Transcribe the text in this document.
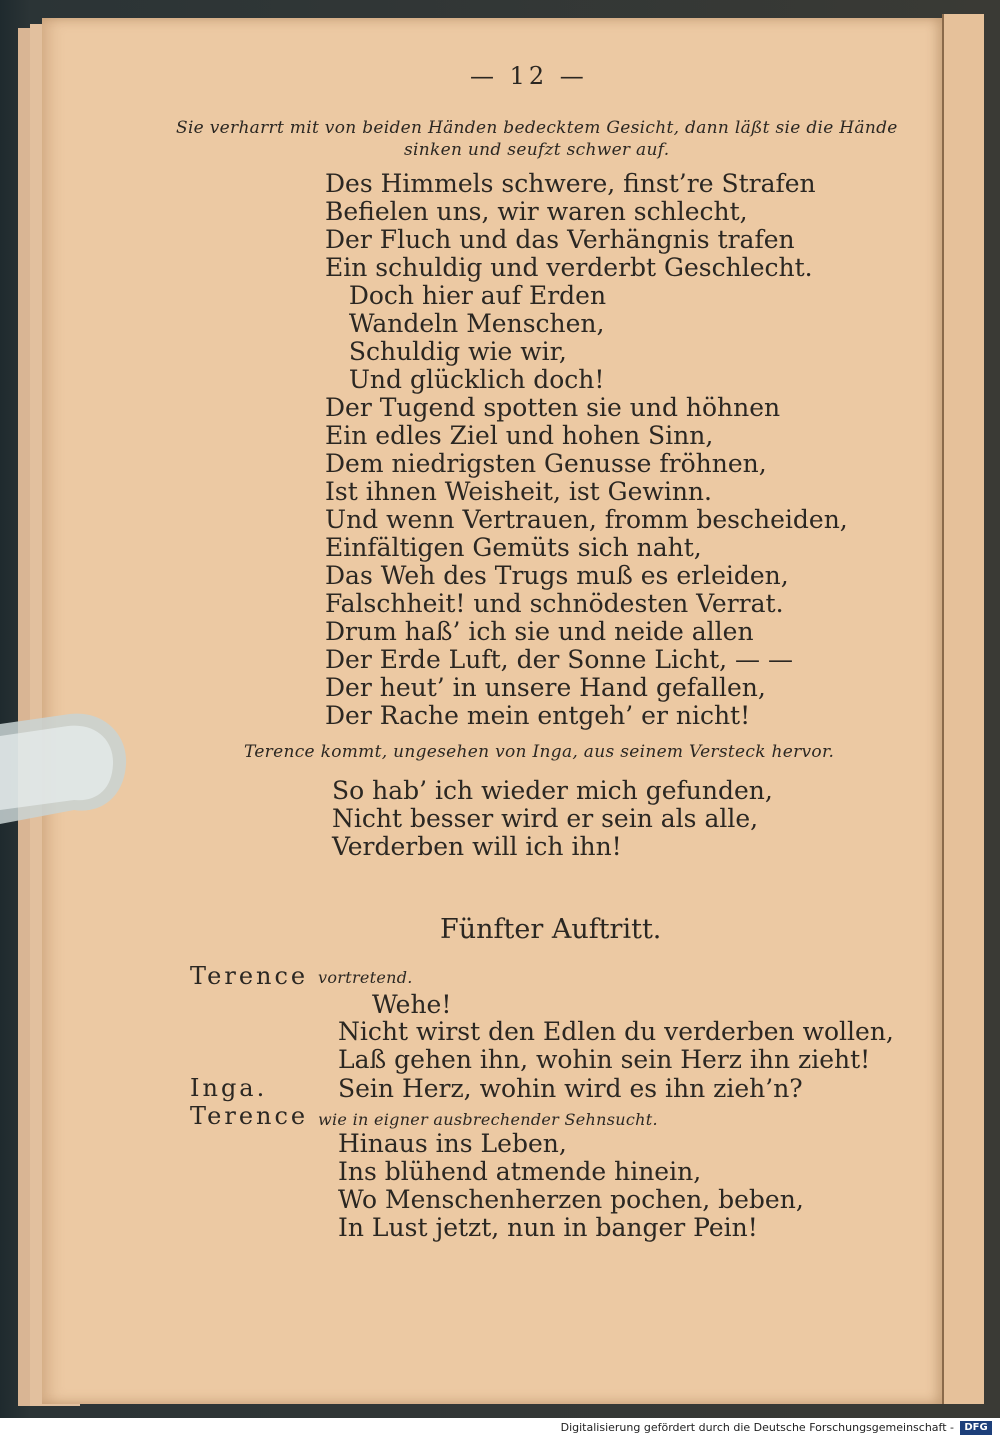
— 12 —
Sie verharrt mit von beiden Händen bedecktem Gesicht, dann läßt sie die Hände
sinken und seufzt schwer auf.
Des Himmels schwere, finst’re Strafen
Befielen uns, wir waren schlecht,
Der Fluch und das Verhängnis trafen
Ein schuldig und verderbt Geschlecht.
Doch hier auf Erden
Wandeln Menschen,
Schuldig wie wir,
Und glücklich doch!
Der Tugend spotten sie und höhnen
Ein edles Ziel und hohen Sinn,
Dem niedrigsten Genusse fröhnen,
Ist ihnen Weisheit, ist Gewinn.
Und wenn Vertrauen, fromm bescheiden,
Einfältigen Gemüts sich naht,
Das Weh des Trugs muß es erleiden,
Falschheit! und schnödesten Verrat.
Drum haß’ ich sie und neide allen
Der Erde Luft, der Sonne Licht, — —
Der heut’ in unsere Hand gefallen,
Der Rache mein entgeh’ er nicht!
Terence kommt, ungesehen von Inga, aus seinem Versteck hervor.
So hab’ ich wieder mich gefunden,
Nicht besser wird er sein als alle,
Verderben will ich ihn!
Fünfter Auftritt.
Terence vortretend.
Wehe!
Nicht wirst den Edlen du verderben wollen,
Laß gehen ihn, wohin sein Herz ihn zieht!
Inga.	Sein Herz, wohin wird es ihn zieh’n?
Terence wie in eigner ausbrechender Sehnsucht.
Hinaus ins Leben,
Ins blühend atmende hinein,
Wo Menschenherzen pochen, beben,
In Lust jetzt, nun in banger Pein!
Digitalisierung gefördert durch die Deutsche Forschungsgemeinschaft -	DFG
